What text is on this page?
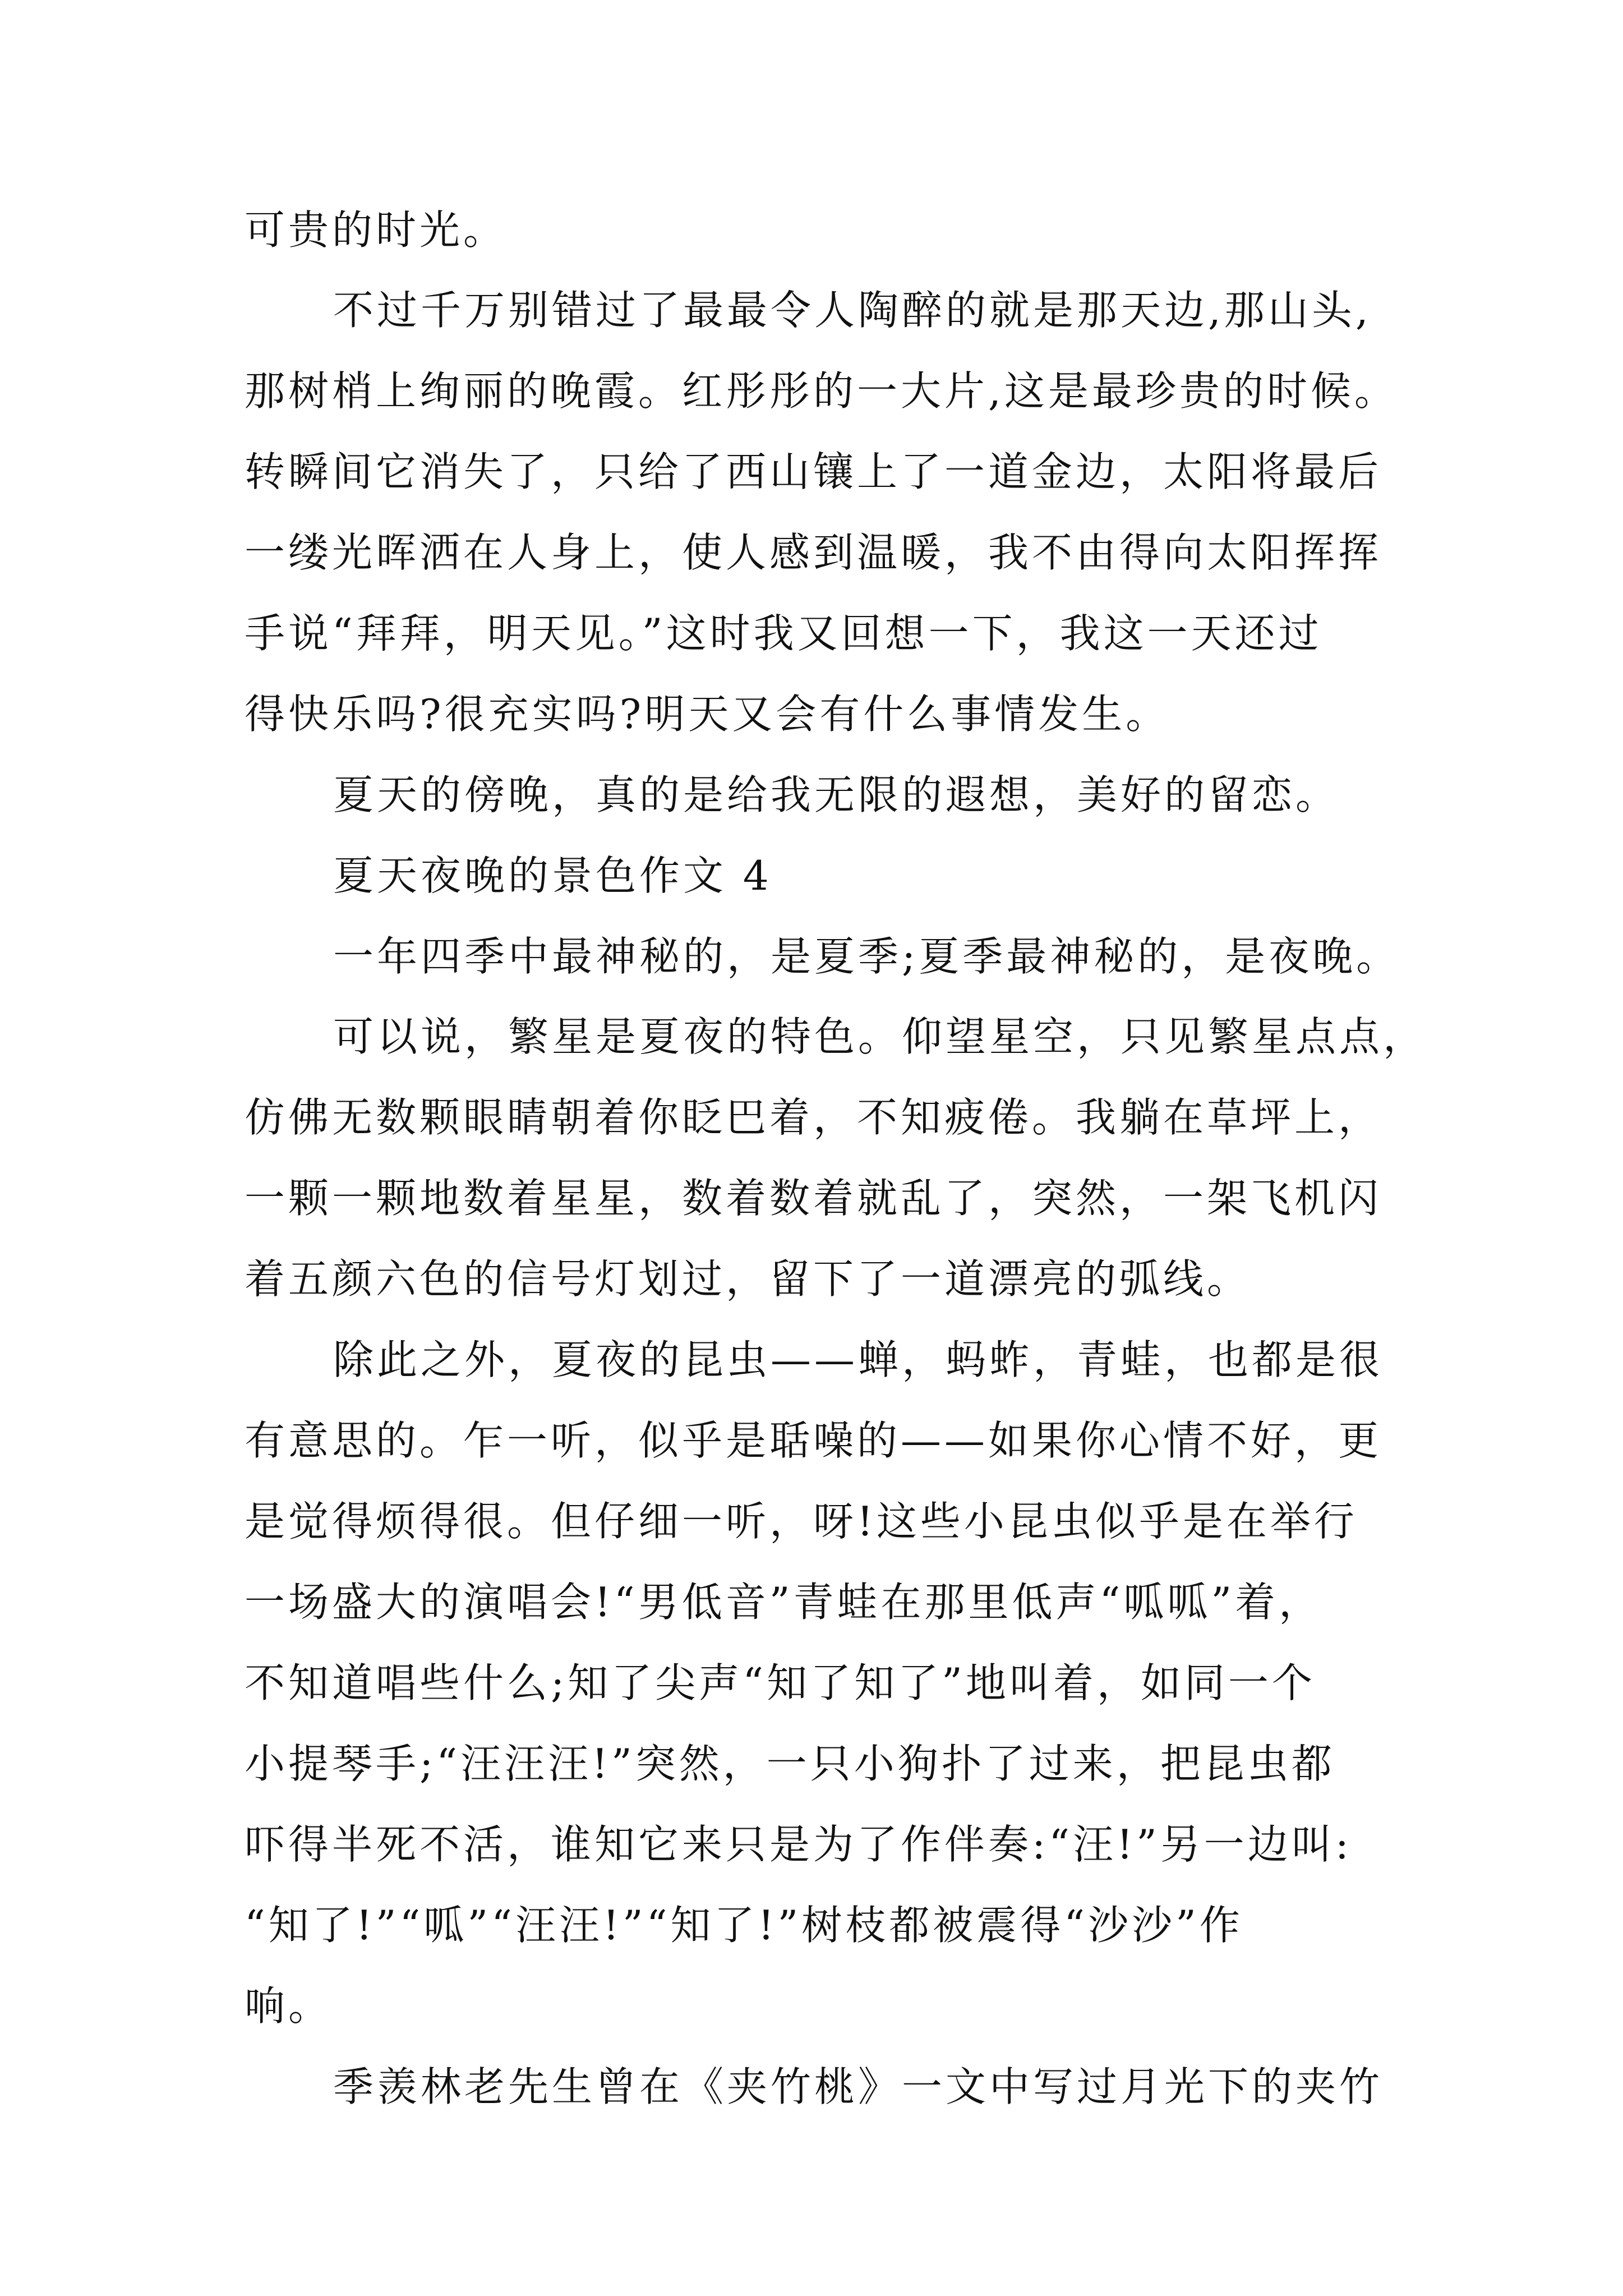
可贵的时光。
不过千万别错过了最最令人陶醉的就是那天边,那山头,
那树梢上绚丽的晚霞。红彤彤的一大片,这是最珍贵的时候。
转瞬间它消失了，只给了西山镶上了一道金边，太阳将最后
一缕光晖洒在人身上，使人感到温暖，我不由得向太阳挥挥
手说“拜拜，明天见。”这时我又回想一下，我这一天还过
得快乐吗?很充实吗?明天又会有什么事情发生。
夏天的傍晚，真的是给我无限的遐想，美好的留恋。
夏天夜晚的景色作文 4
一年四季中最神秘的，是夏季;夏季最神秘的，是夜晚。
可以说，繁星是夏夜的特色。仰望星空，只见繁星点点，
仿佛无数颗眼睛朝着你眨巴着，不知疲倦。我躺在草坪上，
一颗一颗地数着星星，数着数着就乱了，突然，一架飞机闪
着五颜六色的信号灯划过，留下了一道漂亮的弧线。
除此之外，夏夜的昆虫——蝉，蚂蚱，青蛙，也都是很
有意思的。乍一听，似乎是聒噪的——如果你心情不好，更
是觉得烦得很。但仔细一听，呀!这些小昆虫似乎是在举行
一场盛大的演唱会!“男低音”青蛙在那里低声“呱呱”着，
不知道唱些什么;知了尖声“知了知了”地叫着，如同一个
小提琴手;“汪汪汪!”突然，一只小狗扑了过来，把昆虫都
吓得半死不活，谁知它来只是为了作伴奏:“汪!”另一边叫:
“知了!”“呱”“汪汪!”“知了!”树枝都被震得“沙沙”作
响。
季羡林老先生曾在《夹竹桃》一文中写过月光下的夹竹
